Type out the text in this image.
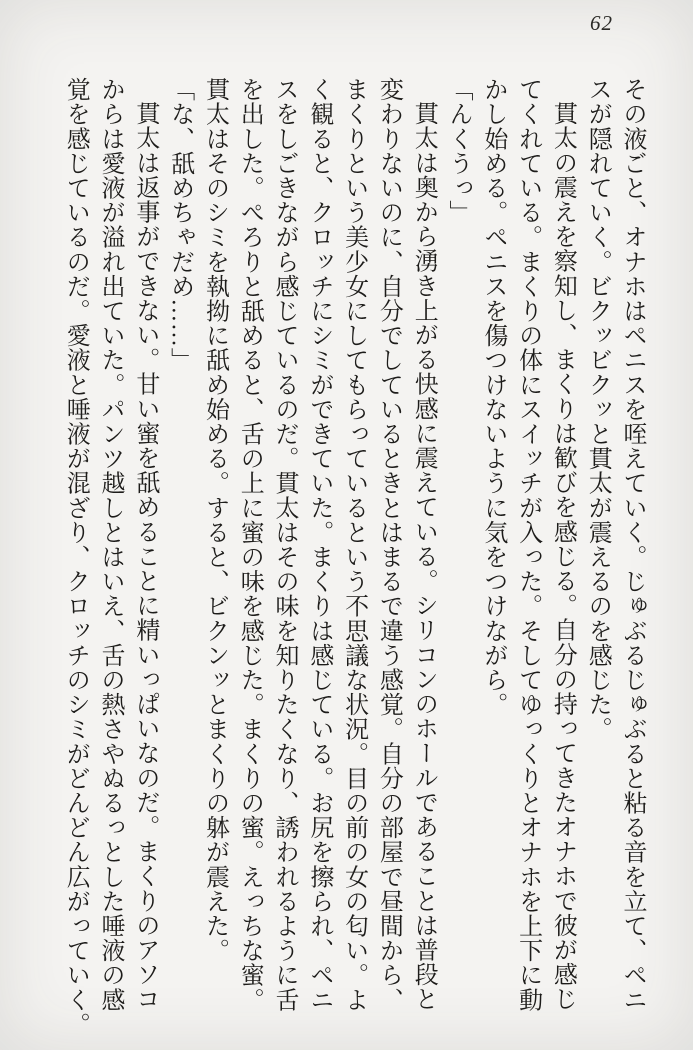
62
その液ごと、オナホはペニスを咥えていく。じゅぶるじゅぶると粘る音を立て、ペニ
スが隠れていく。ビクッビクッと貫太が震えるのを感じた。
貫太の震えを察知し、まくりは歓びを感じる。自分の持ってきたオナホで彼が感じ
てくれている。まくりの体にスイッチが入った。そしてゆっくりとオナホを上下に動
かし始める。ペニスを傷つけないように気をつけながら。
「んくうっ」
貫太は奥から湧き上がる快感に震えている。シリコンのホールであることは普段と
変わりないのに、自分でしているときとはまるで違う感覚。自分の部屋で昼間から、
まくりという美少女にしてもらっているという不思議な状況。目の前の女の匂い。よ
く観ると、クロッチにシミができていた。まくりは感じている。お尻を擦られ、ペニ
スをしごきながら感じているのだ。貫太はその味を知りたくなり、誘われるように舌
を出した。ぺろりと舐めると、舌の上に蜜の味を感じた。まくりの蜜。えっちな蜜。
貫太はそのシミを執拗に舐め始める。すると、ビクンッとまくりの躰が震えた。
「な、舐めちゃだめ……」
貫太は返事ができない。甘い蜜を舐めることに精いっぱいなのだ。まくりのアソコ
からは愛液が溢れ出ていた。パンツ越しとはいえ、舌の熱さやぬるっとした唾液の感
覚を感じているのだ。愛液と唾液が混ざり、クロッチのシミがどんどん広がっていく。
